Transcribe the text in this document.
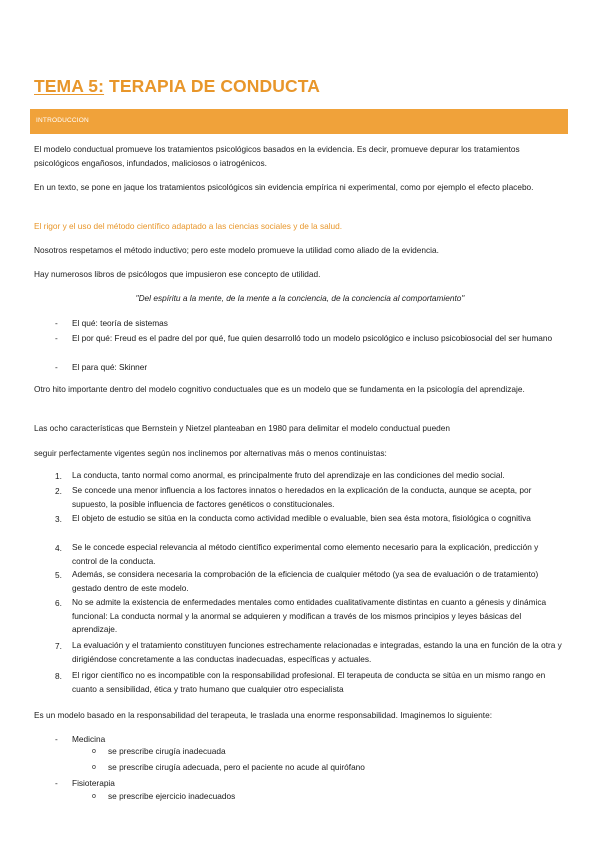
TEMA 5: TERAPIA DE CONDUCTA
INTRODUCCION
El modelo conductual promueve los tratamientos psicológicos basados en la evidencia. Es decir, promueve depurar los tratamientos psicológicos engañosos, infundados, maliciosos o iatrogénicos.
En un texto, se pone en jaque los tratamientos psicológicos sin evidencia empírica ni experimental, como por ejemplo el efecto placebo.
El rigor y el uso del método científico adaptado a las ciencias sociales y de la salud.
Nosotros respetamos el método inductivo; pero este modelo promueve la utilidad como aliado de la evidencia.
Hay numerosos libros de psicólogos que impusieron ese concepto de utilidad.
"Del espíritu a la mente, de la mente a la conciencia, de la conciencia al comportamiento"
- El qué: teoría de sistemas
- El por qué: Freud es el padre del por qué, fue quien desarrolló todo un modelo psicológico e incluso psicobiosocial del ser humano
- El para qué: Skinner
Otro hito importante dentro del modelo cognitivo conductuales que es un modelo que se fundamenta en la psicología del aprendizaje.
Las ocho características que Bernstein y Nietzel planteaban en 1980 para delimitar el modelo conductual pueden
seguir perfectamente vigentes según nos inclinemos por alternativas más o menos continuistas:
1. La conducta, tanto normal como anormal, es principalmente fruto del aprendizaje en las condiciones del medio social.
2. Se concede una menor influencia a los factores innatos o heredados en la explicación de la conducta, aunque se acepta, por supuesto, la posible influencia de factores genéticos o constitucionales.
3. El objeto de estudio se sitúa en la conducta como actividad medible o evaluable, bien sea ésta motora, fisiológica o cognitiva
4. Se le concede especial relevancia al método científico experimental como elemento necesario para la explicación, predicción y control de la conducta.
5. Además, se considera necesaria la comprobación de la eficiencia de cualquier método (ya sea de evaluación o de tratamiento) gestado dentro de este modelo.
6. No se admite la existencia de enfermedades mentales como entidades cualitativamente distintas en cuanto a génesis y dinámica funcional: La conducta normal y la anormal se adquieren y modifican a través de los mismos principios y leyes básicas del aprendizaje.
7. La evaluación y el tratamiento constituyen funciones estrechamente relacionadas e integradas, estando la una en función de la otra y dirigiéndose concretamente a las conductas inadecuadas, específicas y actuales.
8. El rigor científico no es incompatible con la responsabilidad profesional. El terapeuta de conducta se sitúa en un mismo rango en cuanto a sensibilidad, ética y trato humano que cualquier otro especialista
Es un modelo basado en la responsabilidad del terapeuta, le traslada una enorme responsabilidad. Imaginemos lo siguiente:
- Medicina
o se prescribe cirugía inadecuada
o se prescribe cirugía adecuada, pero el paciente no acude al quirófano
- Fisioterapia
o se prescribe ejercicio inadecuados
